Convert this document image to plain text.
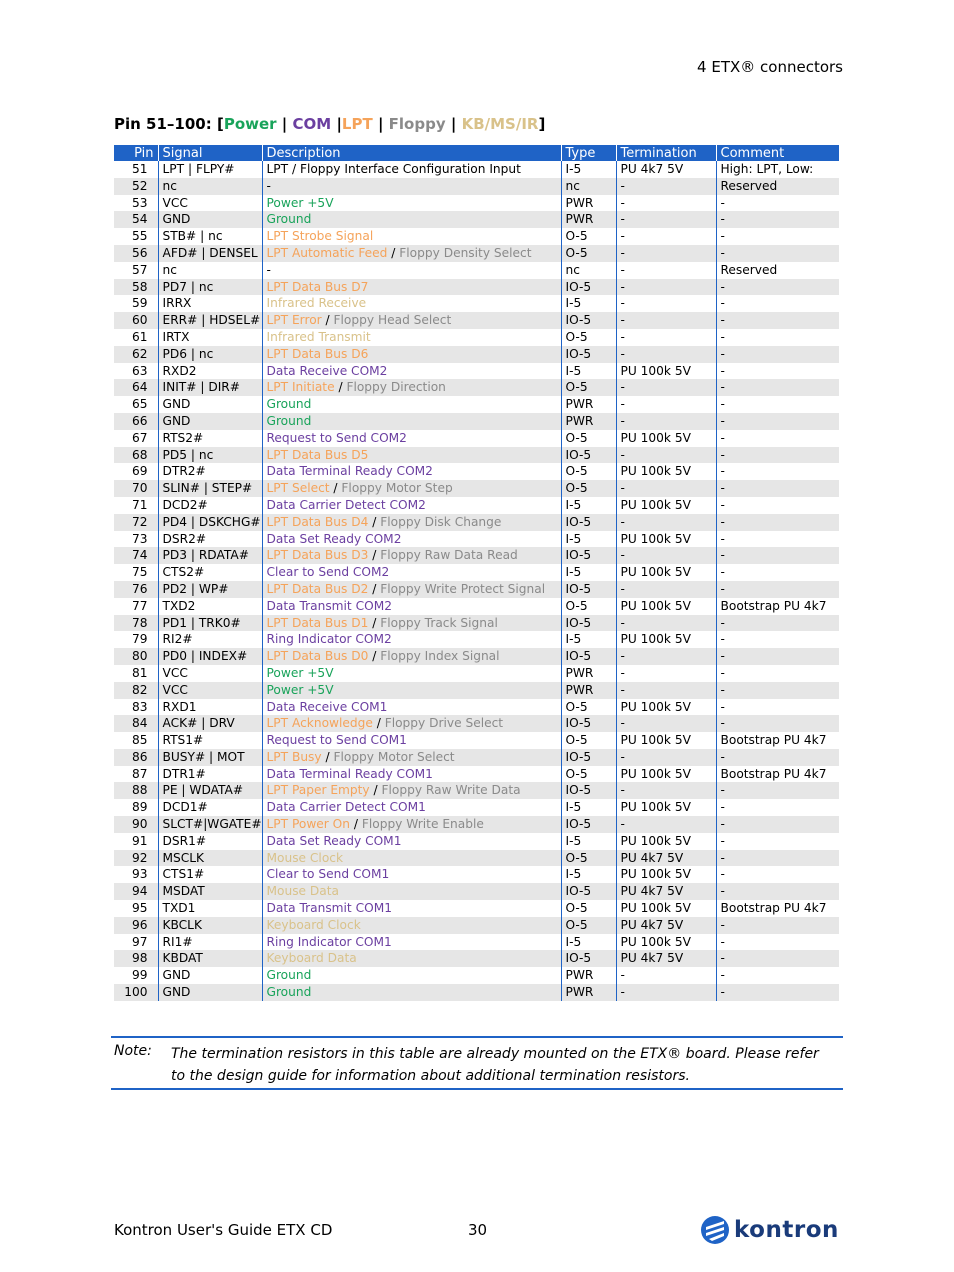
4 ETX® connectors
Pin 51–100: [Power | COM |LPT | Floppy | KB/MS/IR]
Pin	Signal	Description	Type	Termination	Comment
51	LPT | FLPY#	LPT / Floppy Interface Configuration Input	I-5	PU 4k7 5V	High: LPT, Low:
52	nc	-	nc	-	Reserved
53	VCC	Power +5V	PWR	-	-
54	GND	Ground	PWR	-	-
55	STB# | nc	LPT Strobe Signal	O-5	-	-
56	AFD# | DENSEL	LPT Automatic Feed / Floppy Density Select	O-5	-	-
57	nc	-	nc	-	Reserved
58	PD7 | nc	LPT Data Bus D7	IO-5	-	-
59	IRRX	Infrared Receive	I-5	-	-
60	ERR# | HDSEL#	LPT Error / Floppy Head Select	IO-5	-	-
61	IRTX	Infrared Transmit	O-5	-	-
62	PD6 | nc	LPT Data Bus D6	IO-5	-	-
63	RXD2	Data Receive COM2	I-5	PU 100k 5V	-
64	INIT# | DIR#	LPT Initiate / Floppy Direction	O-5	-	-
65	GND	Ground	PWR	-	-
66	GND	Ground	PWR	-	-
67	RTS2#	Request to Send COM2	O-5	PU 100k 5V	-
68	PD5 | nc	LPT Data Bus D5	IO-5	-	-
69	DTR2#	Data Terminal Ready COM2	O-5	PU 100k 5V	-
70	SLIN# | STEP#	LPT Select / Floppy Motor Step	O-5	-	-
71	DCD2#	Data Carrier Detect COM2	I-5	PU 100k 5V	-
72	PD4 | DSKCHG#	LPT Data Bus D4 / Floppy Disk Change	IO-5	-	-
73	DSR2#	Data Set Ready COM2	I-5	PU 100k 5V	-
74	PD3 | RDATA#	LPT Data Bus D3 / Floppy Raw Data Read	IO-5	-	-
75	CTS2#	Clear to Send COM2	I-5	PU 100k 5V	-
76	PD2 | WP#	LPT Data Bus D2 / Floppy Write Protect Signal	IO-5	-	-
77	TXD2	Data Transmit COM2	O-5	PU 100k 5V	Bootstrap PU 4k7
78	PD1 | TRK0#	LPT Data Bus D1 / Floppy Track Signal	IO-5	-	-
79	RI2#	Ring Indicator COM2	I-5	PU 100k 5V	-
80	PD0 | INDEX#	LPT Data Bus D0 / Floppy Index Signal	IO-5	-	-
81	VCC	Power +5V	PWR	-	-
82	VCC	Power +5V	PWR	-	-
83	RXD1	Data Receive COM1	O-5	PU 100k 5V	-
84	ACK# | DRV	LPT Acknowledge / Floppy Drive Select	IO-5	-	-
85	RTS1#	Request to Send COM1	O-5	PU 100k 5V	Bootstrap PU 4k7
86	BUSY# | MOT	LPT Busy / Floppy Motor Select	IO-5	-	-
87	DTR1#	Data Terminal Ready COM1	O-5	PU 100k 5V	Bootstrap PU 4k7
88	PE | WDATA#	LPT Paper Empty / Floppy Raw Write Data	IO-5	-	-
89	DCD1#	Data Carrier Detect COM1	I-5	PU 100k 5V	-
90	SLCT#|WGATE#	LPT Power On / Floppy Write Enable	IO-5	-	-
91	DSR1#	Data Set Ready COM1	I-5	PU 100k 5V	-
92	MSCLK	Mouse Clock	O-5	PU 4k7 5V	-
93	CTS1#	Clear to Send COM1	I-5	PU 100k 5V	-
94	MSDAT	Mouse Data	IO-5	PU 4k7 5V	-
95	TXD1	Data Transmit COM1	O-5	PU 100k 5V	Bootstrap PU 4k7
96	KBCLK	Keyboard Clock	O-5	PU 4k7 5V	-
97	RI1#	Ring Indicator COM1	I-5	PU 100k 5V	-
98	KBDAT	Keyboard Data	IO-5	PU 4k7 5V	-
99	GND	Ground	PWR	-	-
100	GND	Ground	PWR	-	-
Note: The termination resistors in this table are already mounted on the ETX® board. Please refer to the design guide for information about additional termination resistors.
Kontron User's Guide ETX CD	30	kontron
